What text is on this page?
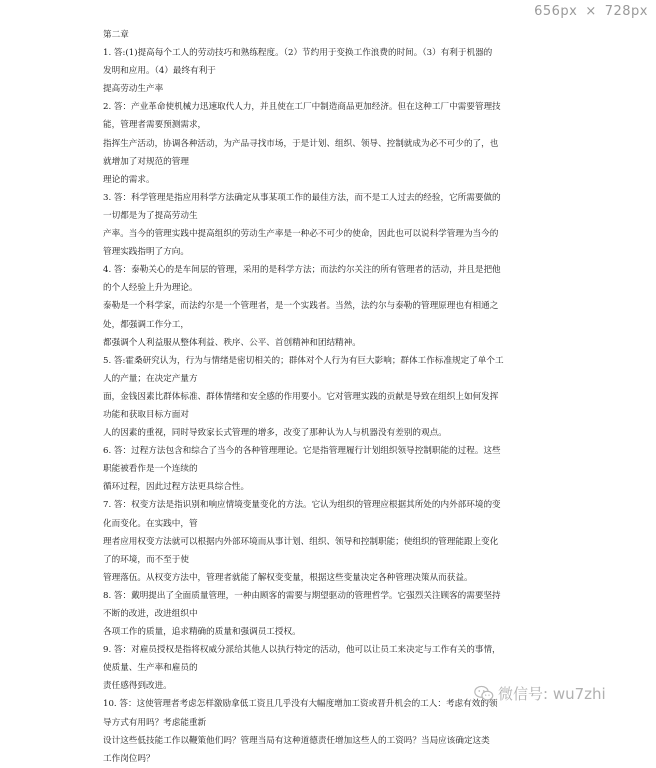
656px × 728px

第二章

1. 答:(1)提高每个工人的劳动技巧和熟练程度。（2）节约用于变换工作浪费的时间。（3）有利于机器的

发明和应用。（4）最终有利于

提高劳动生产率

2. 答：产业革命使机械力迅速取代人力，并且使在工厂中制造商品更加经济。但在这种工厂中需要管理技

能，管理者需要预测需求，

指挥生产活动，协调各种活动，为产品寻找市场，于是计划、组织、领导、控制就成为必不可少的了，也

就增加了对规范的管理

理论的需求。

3. 答：科学管理是指应用科学方法确定从事某项工作的最佳方法，而不是工人过去的经验，它所需要做的

一切都是为了提高劳动生

产率。当今的管理实践中提高组织的劳动生产率是一种必不可少的使命，因此也可以说科学管理为当今的

管理实践指明了方向。

4. 答：泰勒关心的是车间层的管理，采用的是科学方法；而法约尔关注的所有管理者的活动，并且是把他

的个人经验上升为理论。

泰勒是一个科学家，而法约尔是一个管理者，是一个实践者。当然，法约尔与泰勒的管理原理也有相通之

处，都强调工作分工，

都强调个人利益服从整体利益、秩序、公平、首创精神和团结精神。

5. 答:霍桑研究认为，行为与情绪是密切相关的；群体对个人行为有巨大影响；群体工作标准规定了单个工

人的产量；在决定产量方

面，金钱因素比群体标准、群体情绪和安全感的作用要小。它对管理实践的贡献是导致在组织上如何发挥

功能和获取目标方面对

人的因素的重视，同时导致家长式管理的增多，改变了那种认为人与机器没有差别的观点。

6. 答：过程方法包含和综合了当今的各种管理理论。它是指管理履行计划组织领导控制职能的过程。这些

职能被看作是一个连续的

循环过程，因此过程方法更具综合性。

7. 答：权变方法是指识别和响应情境变量变化的方法。它认为组织的管理应根据其所处的内外部环境的变

化而变化。在实践中，管

理者应用权变方法就可以根据内外部环境而从事计划、组织、领导和控制职能；使组织的管理能跟上变化

了的环境，而不至于使

管理落伍。从权变方法中，管理者就能了解权变变量，根据这些变量决定各种管理决策从而获益。

8. 答：戴明提出了全面质量管理，一种由顾客的需要与期望驱动的管理哲学。它强烈关注顾客的需要坚持

不断的改进，改进组织中

各项工作的质量，追求精确的质量和强调员工授权。

9. 答：对雇员授权是指将权威分派给其他人以执行特定的活动，他可以让员工来决定与工作有关的事情，

使质量、生产率和雇员的

责任感得到改进。

10. 答：这使管理者考虑怎样激励拿低工资且几乎没有大幅度增加工资或晋升机会的工人：考虑有效的领

导方式有用吗？考虑能重新

设计这些低技能工作以鞭策他们吗？管理当局有这种道德责任增加这些人的工资吗？当局应该确定这类

工作岗位吗？

微信号: wu7zhi
